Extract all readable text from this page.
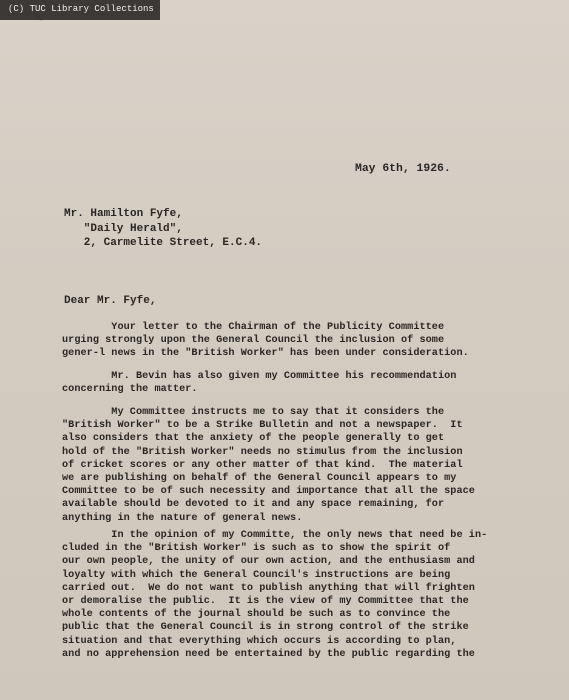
(C) TUC Library Collections
May 6th, 1926.
Mr. Hamilton Fyfe,
"Daily Herald",
2, Carmelite Street, E.C.4.
Dear Mr. Fyfe,
Your letter to the Chairman of the Publicity Committee
urging strongly upon the General Council the inclusion of some
gener-l news in the "British Worker" has been under consideration.
Mr. Bevin has also given my Committee his recommendation
concerning the matter.
My Committee instructs me to say that it considers the
"British Worker" to be a Strike Bulletin and not a newspaper.  It
also considers that the anxiety of the people generally to get
hold of the "British Worker" needs no stimulus from the inclusion
of cricket scores or any other matter of that kind.  The material
we are publishing on behalf of the General Council appears to my
Committee to be of such necessity and importance that all the space
available should be devoted to it and any space remaining, for
anything in the nature of general news.
In the opinion of my Committe, the only news that need be in-
cluded in the "British Worker" is such as to show the spirit of
our own people, the unity of our own action, and the enthusiasm and
loyalty with which the General Council's instructions are being
carried out.  We do not want to publish anything that will frighten
or demoralise the public.  It is the view of my Committee that the
whole contents of the journal should be such as to convince the
public that the General Council is in strong control of the strike
situation and that everything which occurs is according to plan,
and no apprehension need be entertained by the public regarding the
